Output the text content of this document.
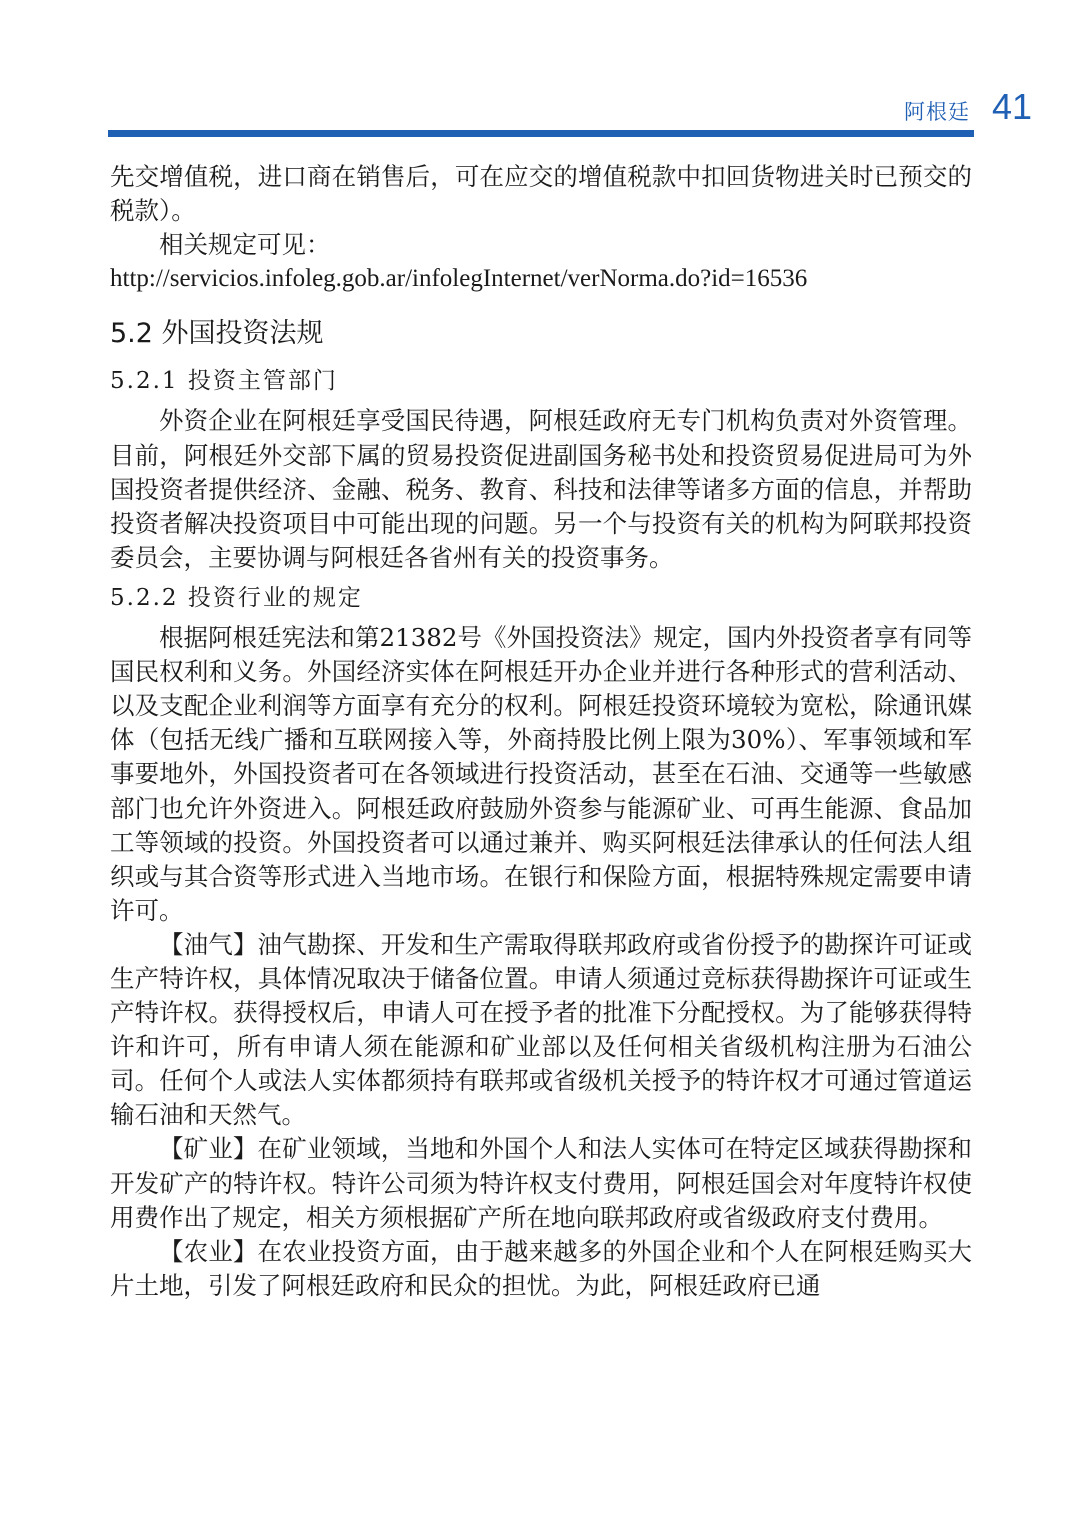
阿根廷 41

先交增值税，进口商在销售后，可在应交的增值税款中扣回货物进关时已预交的税款）。

相关规定可见：

http://servicios.infoleg.gob.ar/infolegInternet/verNorma.do?id=16536

5.2 外国投资法规

5.2.1 投资主管部门

外资企业在阿根廷享受国民待遇，阿根廷政府无专门机构负责对外资管理。目前，阿根廷外交部下属的贸易投资促进副国务秘书处和投资贸易促进局可为外国投资者提供经济、金融、税务、教育、科技和法律等诸多方面的信息，并帮助投资者解决投资项目中可能出现的问题。另一个与投资有关的机构为阿联邦投资委员会，主要协调与阿根廷各省州有关的投资事务。

5.2.2 投资行业的规定

根据阿根廷宪法和第21382号《外国投资法》规定，国内外投资者享有同等国民权利和义务。外国经济实体在阿根廷开办企业并进行各种形式的营利活动、以及支配企业利润等方面享有充分的权利。阿根廷投资环境较为宽松，除通讯媒体（包括无线广播和互联网接入等，外商持股比例上限为30%）、军事领域和军事要地外，外国投资者可在各领域进行投资活动，甚至在石油、交通等一些敏感部门也允许外资进入。阿根廷政府鼓励外资参与能源矿业、可再生能源、食品加工等领域的投资。外国投资者可以通过兼并、购买阿根廷法律承认的任何法人组织或与其合资等形式进入当地市场。在银行和保险方面，根据特殊规定需要申请许可。

【油气】油气勘探、开发和生产需取得联邦政府或省份授予的勘探许可证或生产特许权，具体情况取决于储备位置。申请人须通过竞标获得勘探许可证或生产特许权。获得授权后，申请人可在授予者的批准下分配授权。为了能够获得特许和许可，所有申请人须在能源和矿业部以及任何相关省级机构注册为石油公司。任何个人或法人实体都须持有联邦或省级机关授予的特许权才可通过管道运输石油和天然气。

【矿业】在矿业领域，当地和外国个人和法人实体可在特定区域获得勘探和开发矿产的特许权。特许公司须为特许权支付费用，阿根廷国会对年度特许权使用费作出了规定，相关方须根据矿产所在地向联邦政府或省级政府支付费用。

【农业】在农业投资方面，由于越来越多的外国企业和个人在阿根廷购买大片土地，引发了阿根廷政府和民众的担忧。为此，阿根廷政府已通
